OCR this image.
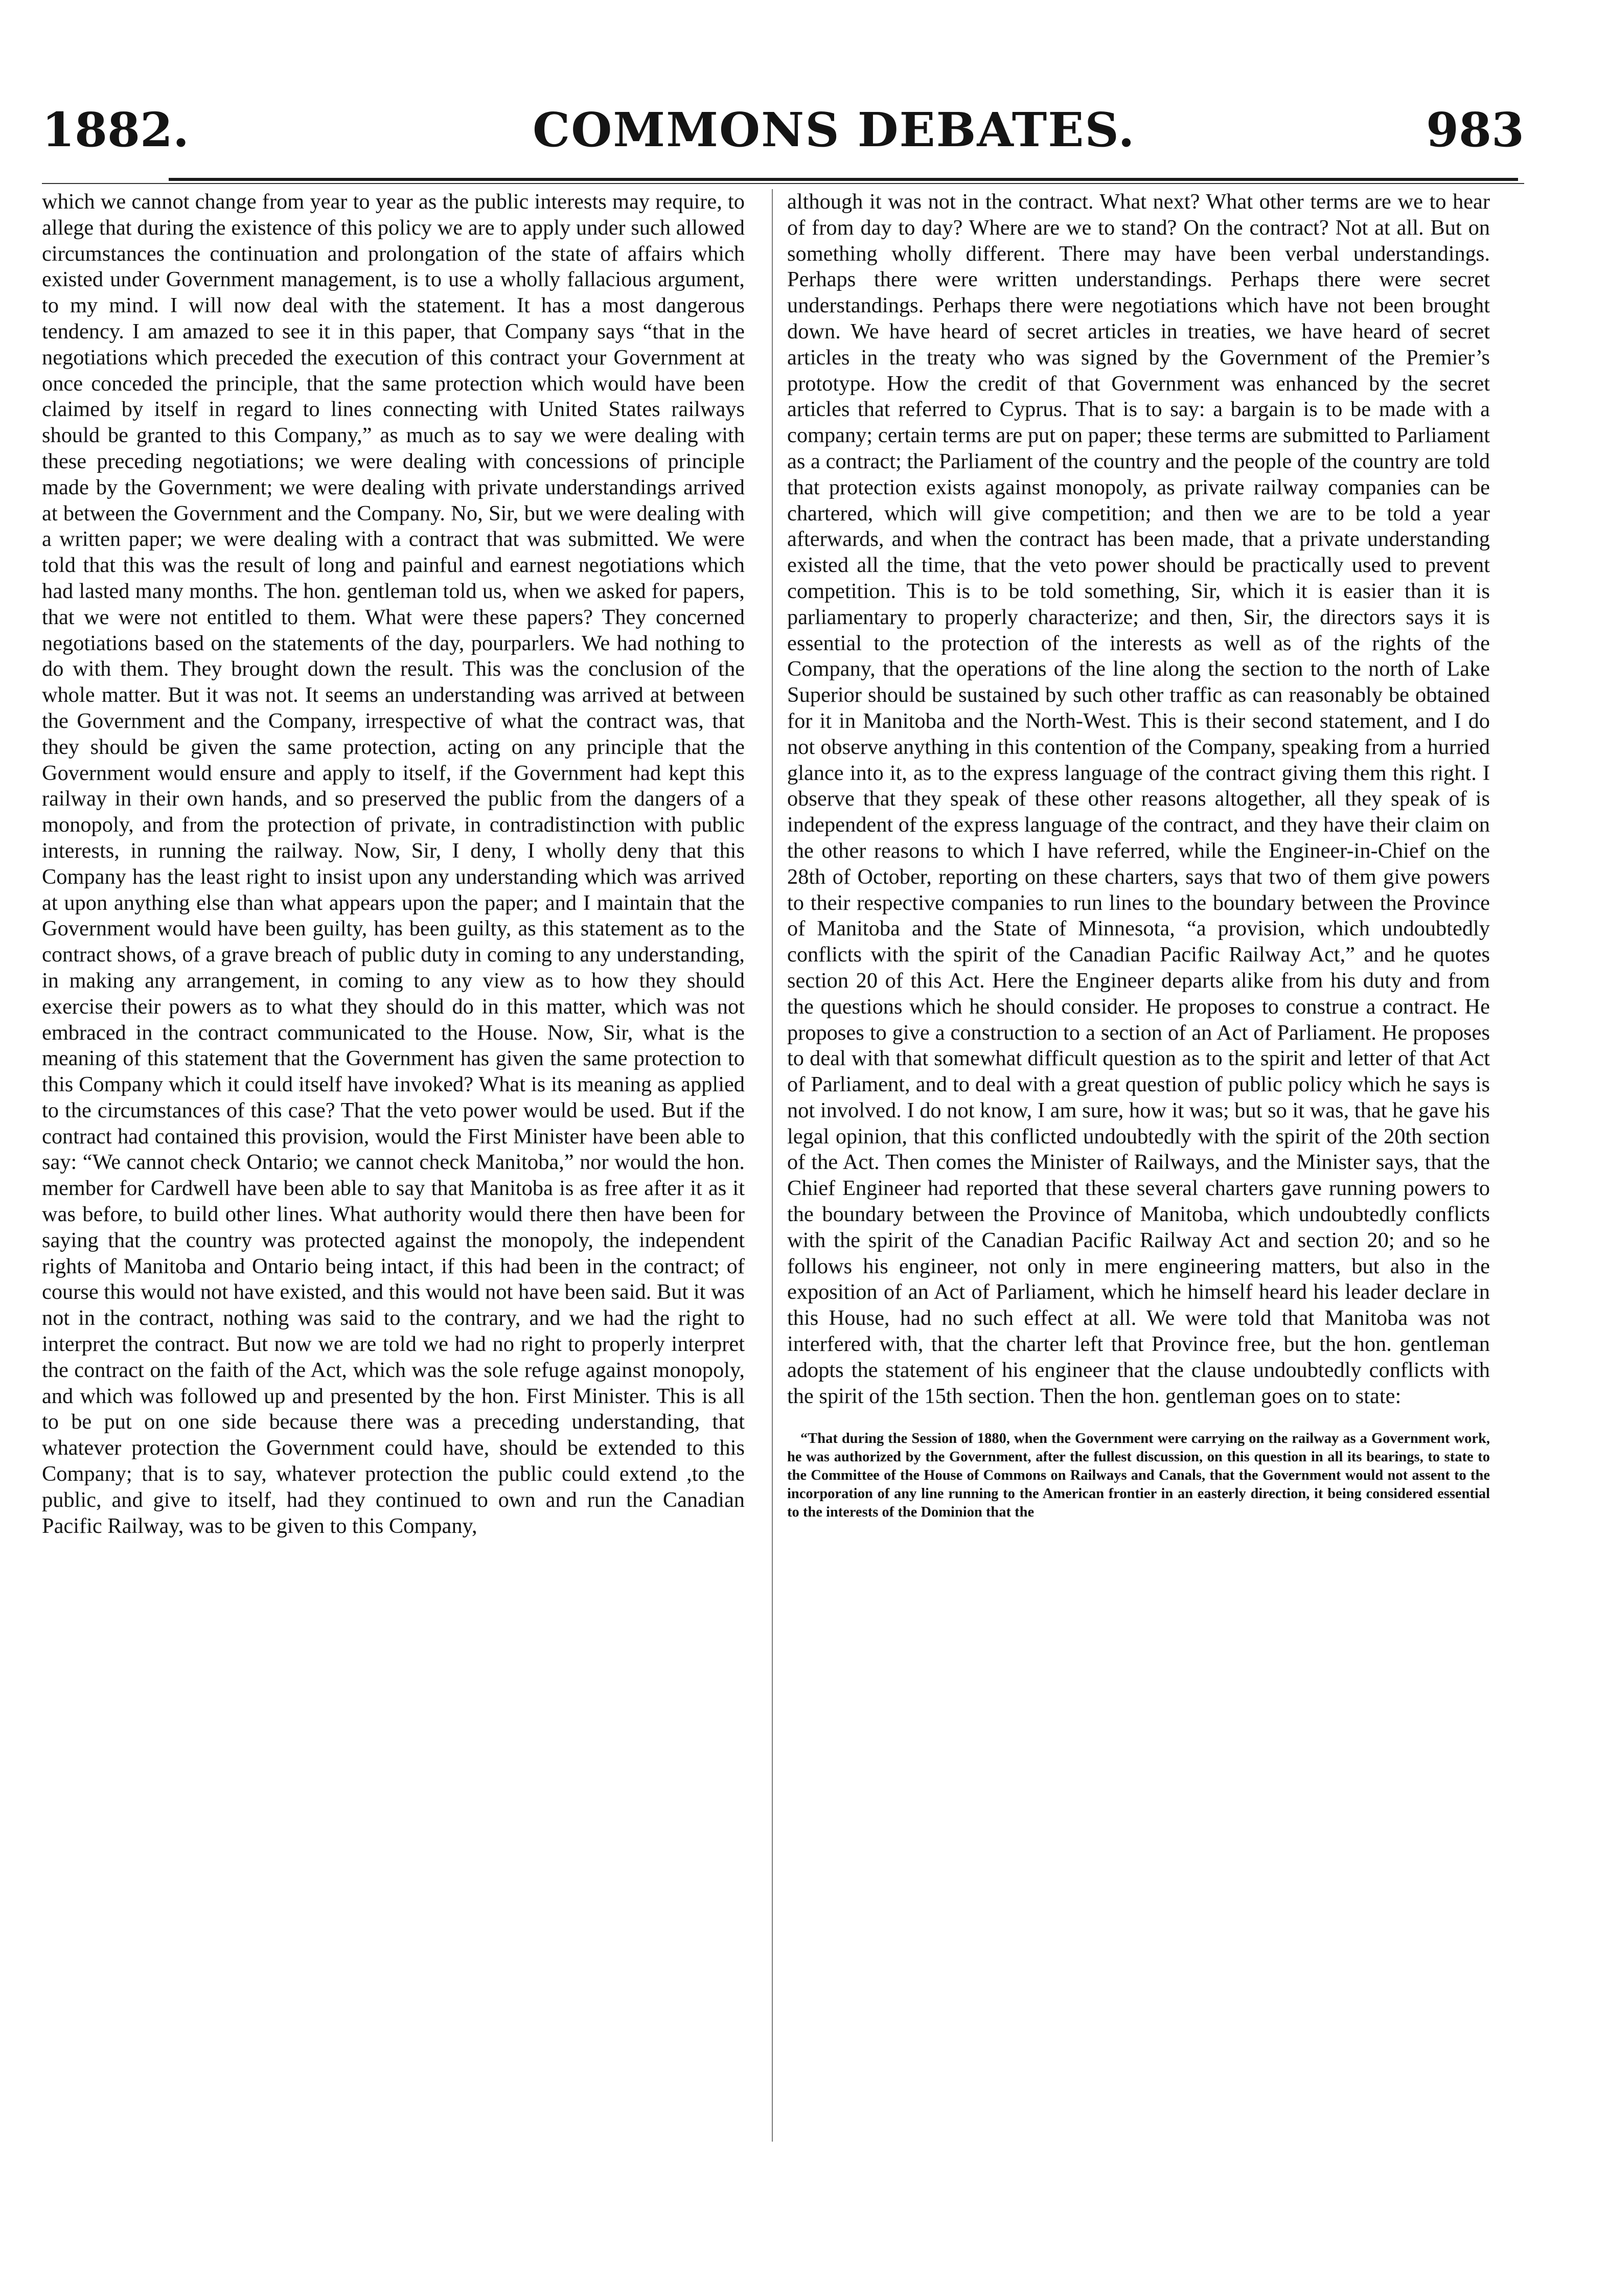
1882.	COMMONS DEBATES.	983

which we cannot change from year to year as the public interests may require, to allege that during the existence of this policy we are to apply under such allowed circumstances the continuation and prolongation of the state of affairs which existed under Government management, is to use a wholly fallacious argument, to my mind. I will now deal with the statement. It has a most dangerous tendency. I am amazed to see it in this paper, that Company says “that in the negotiations which preceded the execution of this contract your Government at once conceded the principle, that the same protection which would have been claimed by itself in regard to lines connecting with United States railways should be granted to this Company,” as much as to say we were dealing with these preceding negotiations; we were dealing with concessions of principle made by the Government; we were dealing with private understandings arrived at between the Government and the Company. No, Sir, but we were dealing with a written paper; we were dealing with a contract that was submitted. We were told that this was the result of long and painful and earnest negotiations which had lasted many months. The hon. gentleman told us, when we asked for papers, that we were not entitled to them. What were these papers? They concerned negotiations based on the statements of the day, pourparlers. We had nothing to do with them. They brought down the result. This was the conclusion of the whole matter. But it was not. It seems an understanding was arrived at between the Government and the Company, irrespective of what the contract was, that they should be given the same protection, acting on any principle that the Government would ensure and apply to itself, if the Government had kept this railway in their own hands, and so preserved the public from the dangers of a monopoly, and from the protection of private, in contradistinction with public interests, in running the railway. Now, Sir, I deny, I wholly deny that this Company has the least right to insist upon any understanding which was arrived at upon anything else than what appears upon the paper; and I maintain that the Government would have been guilty, has been guilty, as this statement as to the contract shows, of a grave breach of public duty in coming to any understanding, in making any arrangement, in coming to any view as to how they should exercise their powers as to what they should do in this matter, which was not embraced in the contract communicated to the House. Now, Sir, what is the meaning of this statement that the Government has given the same protection to this Company which it could itself have invoked? What is its meaning as applied to the circumstances of this case? That the veto power would be used. But if the contract had contained this provision, would the First Minister have been able to say: “We cannot check Ontario; we cannot check Manitoba,” nor would the hon. member for Cardwell have been able to say that Manitoba is as free after it as it was before, to build other lines. What authority would there then have been for saying that the country was protected against the monopoly, the independent rights of Manitoba and Ontario being intact, if this had been in the contract; of course this would not have existed, and this would not have been said. But it was not in the contract, nothing was said to the contrary, and we had the right to interpret the contract. But now we are told we had no right to properly interpret the contract on the faith of the Act, which was the sole refuge against monopoly, and which was followed up and presented by the hon. First Minister. This is all to be put on one side because there was a preceding understanding, that whatever protection the Government could have, should be extended to this Company; that is to say, whatever protection the public could extend ,to the public, and give to itself, had they continued to own and run the Canadian Pacific Railway, was to be given to this Company,

although it was not in the contract. What next? What other terms are we to hear of from day to day? Where are we to stand? On the contract? Not at all. But on something wholly different. There may have been verbal understandings. Perhaps there were written understandings. Perhaps there were secret understandings. Perhaps there were negotiations which have not been brought down. We have heard of secret articles in treaties, we have heard of secret articles in the treaty who was signed by the Government of the Premier’s prototype. How the credit of that Government was enhanced by the secret articles that referred to Cyprus. That is to say: a bargain is to be made with a company; certain terms are put on paper; these terms are submitted to Parliament as a contract; the Parliament of the country and the people of the country are told that protection exists against monopoly, as private railway companies can be chartered, which will give competition; and then we are to be told a year afterwards, and when the contract has been made, that a private understanding existed all the time, that the veto power should be practically used to prevent competition. This is to be told something, Sir, which it is easier than it is parliamentary to properly characterize; and then, Sir, the directors says it is essential to the protection of the interests as well as of the rights of the Company, that the operations of the line along the section to the north of Lake Superior should be sustained by such other traffic as can reasonably be obtained for it in Manitoba and the North-West. This is their second statement, and I do not observe anything in this contention of the Company, speaking from a hurried glance into it, as to the express language of the contract giving them this right. I observe that they speak of these other reasons altogether, all they speak of is independent of the express language of the contract, and they have their claim on the other reasons to which I have referred, while the Engineer-in-Chief on the 28th of October, reporting on these charters, says that two of them give powers to their respective companies to run lines to the boundary between the Province of Manitoba and the State of Minnesota, “a provision, which undoubtedly conflicts with the spirit of the Canadian Pacific Railway Act,” and he quotes section 20 of this Act. Here the Engineer departs alike from his duty and from the questions which he should consider. He proposes to construe a contract. He proposes to give a construction to a section of an Act of Parliament. He proposes to deal with that somewhat difficult question as to the spirit and letter of that Act of Parliament, and to deal with a great question of public policy which he says is not involved. I do not know, I am sure, how it was; but so it was, that he gave his legal opinion, that this conflicted undoubtedly with the spirit of the 20th section of the Act. Then comes the Minister of Railways, and the Minister says, that the Chief Engineer had reported that these several charters gave running powers to the boundary between the Province of Manitoba, which undoubtedly conflicts with the spirit of the Canadian Pacific Railway Act and section 20; and so he follows his engineer, not only in mere engineering matters, but also in the exposition of an Act of Parliament, which he himself heard his leader declare in this House, had no such effect at all. We were told that Manitoba was not interfered with, that the charter left that Province free, but the hon. gentleman adopts the statement of his engineer that the clause undoubtedly conflicts with the spirit of the 15th section. Then the hon. gentleman goes on to state:

“That during the Session of 1880, when the Government were carrying on the railway as a Government work, he was authorized by the Government, after the fullest discussion, on this question in all its bearings, to state to the Committee of the House of Commons on Railways and Canals, that the Government would not assent to the incorporation of any line running to the American frontier in an easterly direction, it being considered essential to the interests of the Dominion that the
